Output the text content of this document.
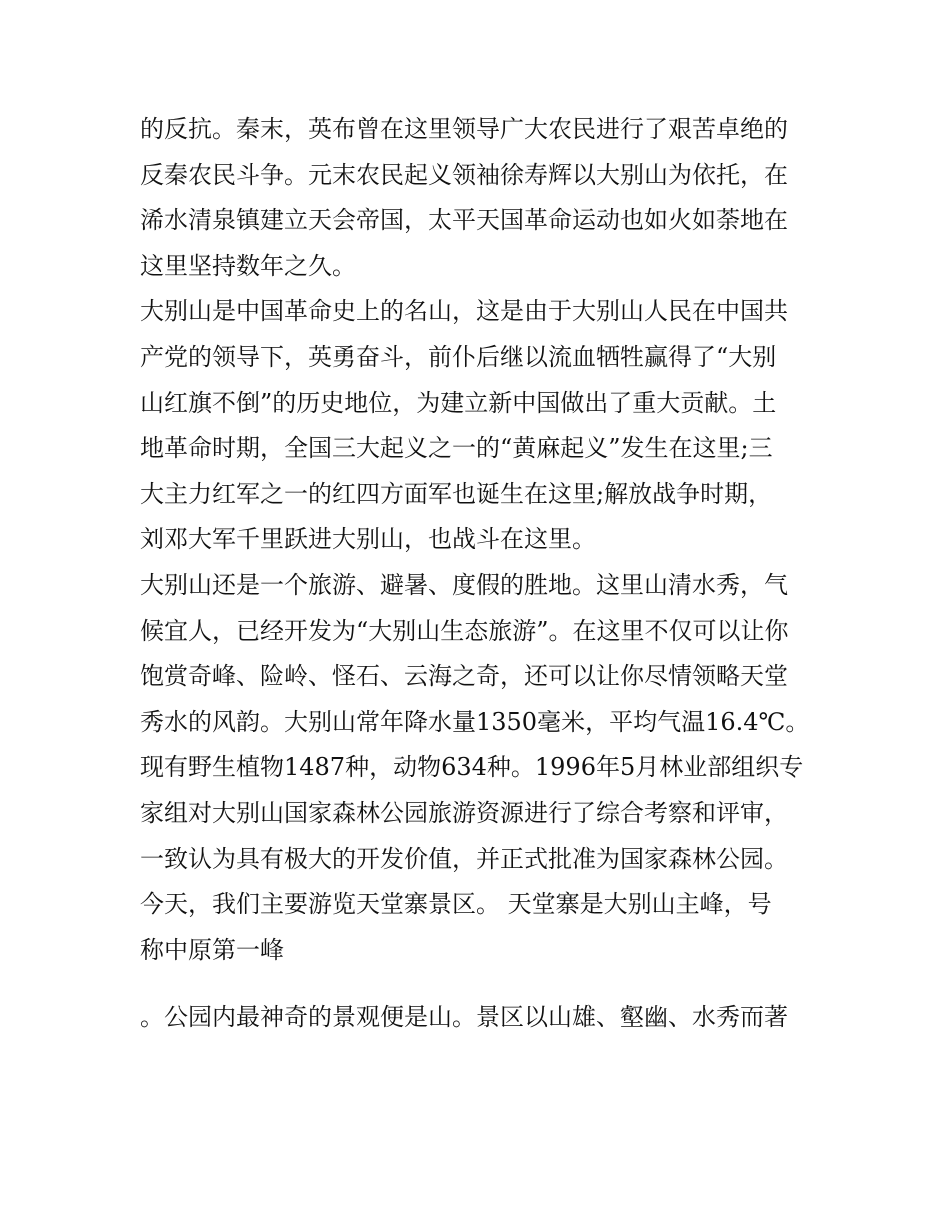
的反抗。秦末，英布曾在这里领导广大农民进行了艰苦卓绝的
反秦农民斗争。元末农民起义领袖徐寿辉以大别山为依托，在
浠水清泉镇建立天会帝国，太平天国革命运动也如火如荼地在
这里坚持数年之久。
大别山是中国革命史上的名山，这是由于大别山人民在中国共
产党的领导下，英勇奋斗，前仆后继以流血牺牲赢得了“大别
山红旗不倒”的历史地位，为建立新中国做出了重大贡献。土
地革命时期，全国三大起义之一的“黄麻起义”发生在这里;三
大主力红军之一的红四方面军也诞生在这里;解放战争时期，
刘邓大军千里跃进大别山，也战斗在这里。
大别山还是一个旅游、避暑、度假的胜地。这里山清水秀，气
候宜人，已经开发为“大别山生态旅游”。在这里不仅可以让你
饱赏奇峰、险岭、怪石、云海之奇，还可以让你尽情领略天堂
秀水的风韵。大别山常年降水量1350毫米，平均气温16.4℃。
现有野生植物1487种，动物634种。1996年5月林业部组织专
家组对大别山国家森林公园旅游资源进行了综合考察和评审，
一致认为具有极大的开发价值，并正式批准为国家森林公园。
今天，我们主要游览天堂寨景区。 天堂寨是大别山主峰，号
称中原第一峰
。公园内最神奇的景观便是山。景区以山雄、壑幽、水秀而著
